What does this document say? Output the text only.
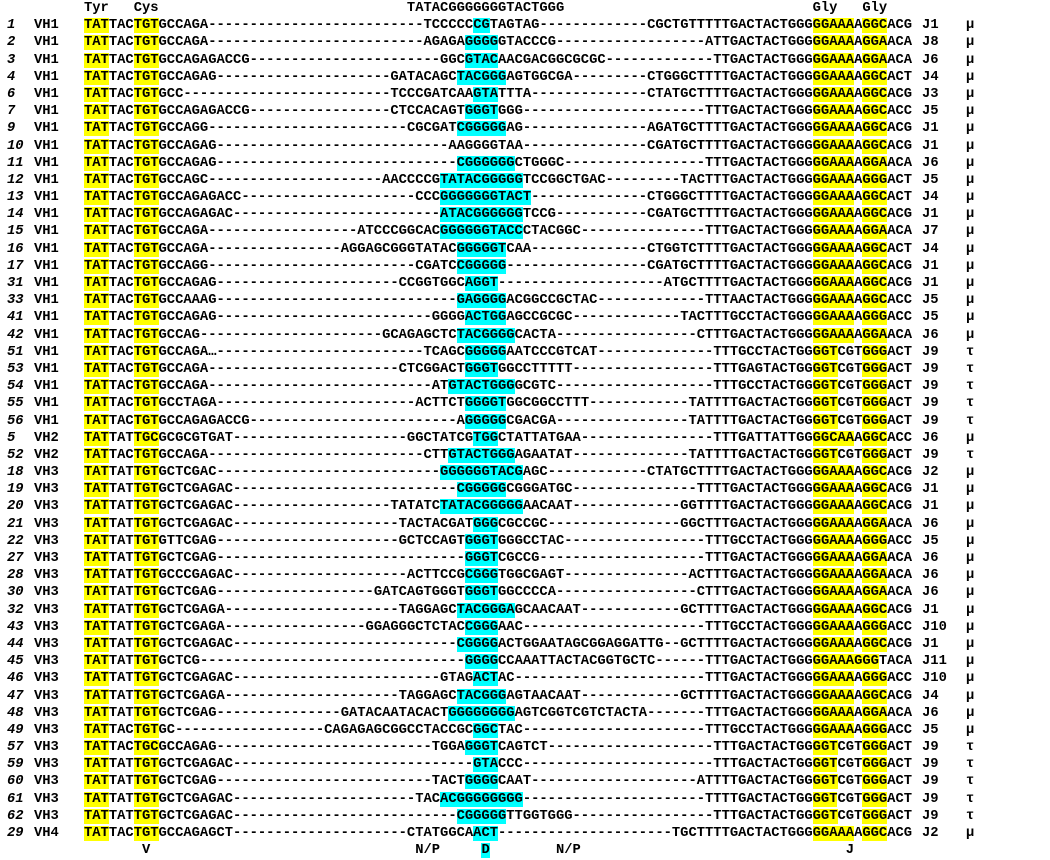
Tyr Cys	TATACGGGGGGGTACTGGG	Gly Gly
1	VH1	TATTACTGTGCCAGA--------------------------TCCCCCCGTAGTAG-------------CGCTGTTTTTGACTACTGGGGGAAAAGGCACG J1	µ
2	VH1	TATTACTGTGCCAGA--------------------------AGAGAGGGGGTACCCG------------------ATTGACTACTGGGGGAAAAGGAACA J8	µ
3	VH1	TATTACTGTGCCAGAGACCG-----------------------GGCGTACAACGACGGCGCGC-------------TTGACTACTGGGGGAAAAGGAACA J6	µ
4	VH1	TATTACTGTGCCAGAG---------------------GATACAGCTACGGGAGTGGCGA---------CTGGGCTTTTGACTACTGGGGGAAAAGGCACT J4	µ
6	VH1	TATTACTGTGCC-------------------------TCCCGATCAAGTATTTA--------------CTATGCTTTTGACTACTGGGGGAAAAGGCACG J3	µ
7	VH1	TATTACTGTGCCAGAGACCG-----------------CTCCACAGTGGGTGGG----------------------TTTGACTACTGGGGGAAAAGGCACC J5	µ
9	VH1	TATTACTGTGCCAGG------------------------CGCGATCGGGGGAG---------------AGATGCTTTTGACTACTGGGGGAAAAGGCACG J1	µ
10 VH1	TATTACTGTGCCAGAG----------------------------AAGGGGTAA---------------CGATGCTTTTGACTACTGGGGGAAAAGGCACG J1	µ
11 VH1	TATTACTGTGCCAGAG-----------------------------CGGGGGGCTGGGC-----------------TTTGACTACTGGGGGAAAAGGAACA J6	µ
12 VH1	TATTACTGTGCCAGC---------------------AACCCCGTATACGGGGGTCCGGCTGAC---------TACTTTGACTACTGGGGGAAAAGGGACT J5	µ
13 VH1	TATTACTGTGCCAGAGACC---------------------CCCGGGGGGGTACT--------------CTGGGCTTTTGACTACTGGGGGAAAAGGCACT J4	µ
14 VH1	TATTACTGTGCCAGAGAC-------------------------ATACGGGGGGTCCG-----------CGATGCTTTTGACTACTGGGGGAAAAGGCACG J1	µ
15 VH1	TATTACTGTGCCAGA------------------ATCCCGGCACGGGGGGTACCCTACGGC---------------TTTGACTACTGGGGGAAAAGGAACA J7	µ
16 VH1	TATTACTGTGCCAGA----------------AGGAGCGGGTATACGGGGGTCAA--------------CTGGTCTTTTGACTACTGGGGGAAAAGGCACT J4	µ
17 VH1	TATTACTGTGCCAGG-------------------------CGATCCGGGGG-----------------CGATGCTTTTGACTACTGGGGGAAAAGGCACG J1	µ
31 VH1	TATTACTGTGCCAGAG----------------------CCGGTGGCAGGT--------------------ATGCTTTTGACTACTGGGGGAAAAGGCACG J1	µ
33 VH1	TATTACTGTGCCAAAG-----------------------------GAGGGGACGGCCGCTAC-------------TTTAACTACTGGGGGAAAAGGCACC J5	µ
41 VH1	TATTACTGTGCCAGAG--------------------------GGGGACTGGAGCCGCGC-------------TACTTTGCCTACTGGGGGAAAAGGGACC J5	µ
42 VH1	TATTACTGTGCCAG----------------------GCAGAGCTCTACGGGGCACTA-----------------CTTTGACTACTGGGGGAAAAGGAACA J6	µ
51 VH1	TATTACTGTGCCAGA…-------------------------TCAGCGGGGGAATCCCGTCAT--------------TTTGCCTACTGGGGTCGTGGGACT J9	τ
53 VH1	TATTACTGTGCCAGA-----------------------CTCGGACTGGGTGGCCTTTTT-----------------TTTGAGTACTGGGGTCGTGGGACT J9	τ
54 VH1	TATTACTGTGCCAGA---------------------------ATGTACTGGGGCGTC-------------------TTTGCCTACTGGGGTCGTGGGACT J9	τ
55 VH1	TATTACTGTGCCTAGA------------------------ACTTCTGGGGTGGCGGCCTTT------------TATTTTGACTACTGGGGTCGTGGGACT J9	τ
56 VH1	TATTACTGTGCCAGAGACCG-------------------------AGGGGGCGACGA----------------TATTTTGACTACTGGGGTCGTGGGACT J9	τ
5	VH2	TATTATTGCGCGCGTGAT---------------------GGCTATCGTGGCTATTATGAA----------------TTTGATTATTGGGGCAAAGGCACC J6	µ
52 VH2	TATTACTGTGCCAGA--------------------------CTTGTACTGGGAGAATAT--------------TATTTTGACTACTGGGGTCGTGGGACT J9	τ
18 VH3	TATTATTGTGCTCGAC---------------------------GGGGGGTACGAGC------------CTATGCTTTTGACTACTGGGGGAAAAGGCACG J2	µ
19 VH3	TATTATTGTGCTCGAGAC---------------------------CGGGGGCGGGATGC---------------TTTTGACTACTGGGGGAAAAGGCACG J1	µ
20 VH3	TATTATTGTGCTCGAGAC-------------------TATATCTATACGGGGGAACAAT-------------GGTTTTGACTACTGGGGGAAAAGGCACG J1	µ
21 VH3	TATTATTGTGCTCGAGAC--------------------TACTACGATGGGCGCCGC----------------GGCTTTGACTACTGGGGGAAAAGGAACA J6	µ
22 VH3	TATTATTGTGTTCGAG----------------------GCTCCAGTGGGTGGGCCTAC-----------------TTTGCCTACTGGGGGAAAAGGGACC J5	µ
27 VH3	TATTATTGTGCTCGAG------------------------------GGGTCGCCG--------------------TTTGACTACTGGGGGAAAAGGAACA J6	µ
28 VH3	TATTATTGTGCCCGAGAC---------------------ACTTCCGCGGGTGGCGAGT---------------ACTTTGACTACTGGGGGAAAAGGAACA J6	µ
30 VH3	TATTATTGTGCTCGAG-------------------GATCAGTGGGTGGGTGGCCCCA-----------------CTTTGACTACTGGGGGAAAAGGAACA J6	µ
32 VH3	TATTATTGTGCTCGAGA---------------------TAGGAGCTACGGGAGCAACAAT------------GCTTTTGACTACTGGGGGAAAAGGCACG J1	µ
43 VH3	TATTATTGTGCTCGAGA-----------------GGAGGGCTCTACCGGGAAC----------------------TTTGCCTACTGGGGGAAAAGGGACC J10	µ
44 VH3	TATTATTGTGCTCGAGAC---------------------------CGGGGACTGGAATAGCGGAGGATTG--GCTTTTGACTACTGGGGGAAAAGGCACG J1	µ
45 VH3	TATTATTGTGCTCG--------------------------------GGGGCCAAATTACTACGGTGCTC------TTTGACTACTGGGGGAAAGGGTACA J11	µ
46 VH3	TATTATTGTGCTCGAGAC-------------------------GTAGACTAC-----------------------TTTGACTACTGGGGGAAAAGGGACC J10	µ
47 VH3	TATTATTGTGCTCGAGA---------------------TAGGAGCTACGGGAGTAACAAT------------GCTTTTGACTACTGGGGGAAAAGGCACG J4	µ
48 VH3	TATTATTGTGCTCGAG---------------GATACAATACACTGGGGGGGGAGTCGGTCGTCTACTA-------TTTGACTACTGGGGGAAAAGGAACA J6	µ
49 VH3	TATTACTGTGC------------------CAGAGAGCGGCCTACCGCGGCTAC----------------------TTTGCCTACTGGGGGAAAAGGGACC J5	µ
57 VH3	TATTACTGCGCCAGAG--------------------------TGGAGGGTCAGTCT--------------------TTTGACTACTGGGGTCGTGGGACT J9	τ
59 VH3	TATTATTGTGCTCGAGAC-----------------------------GTACCC-----------------------TTTGACTACTGGGGTCGTGGGACT J9	τ
60 VH3	TATTATTGTGCTCGAG--------------------------TACTGGGGCAAT--------------------ATTTTGACTACTGGGGTCGTGGGACT J9	τ
61 VH3	TATTATTGTGCTCGAGAC----------------------TACACGGGGGGGG----------------------TTTTGACTACTGGGGTCGTGGGACT J9	τ
62 VH3	TATTATTGTGCTCGAGAC---------------------------CGGGGGTTGGTGGG-----------------TTTGACTACTGGGGTCGTGGGACT J9	τ
29 VH4	TATTACTGTGCCAGAGCT---------------------CTATGGCAACT---------------------TGCTTTTGACTACTGGGGGAAAAGGCACG J2	µ
V	N/P	D	N/P	J
